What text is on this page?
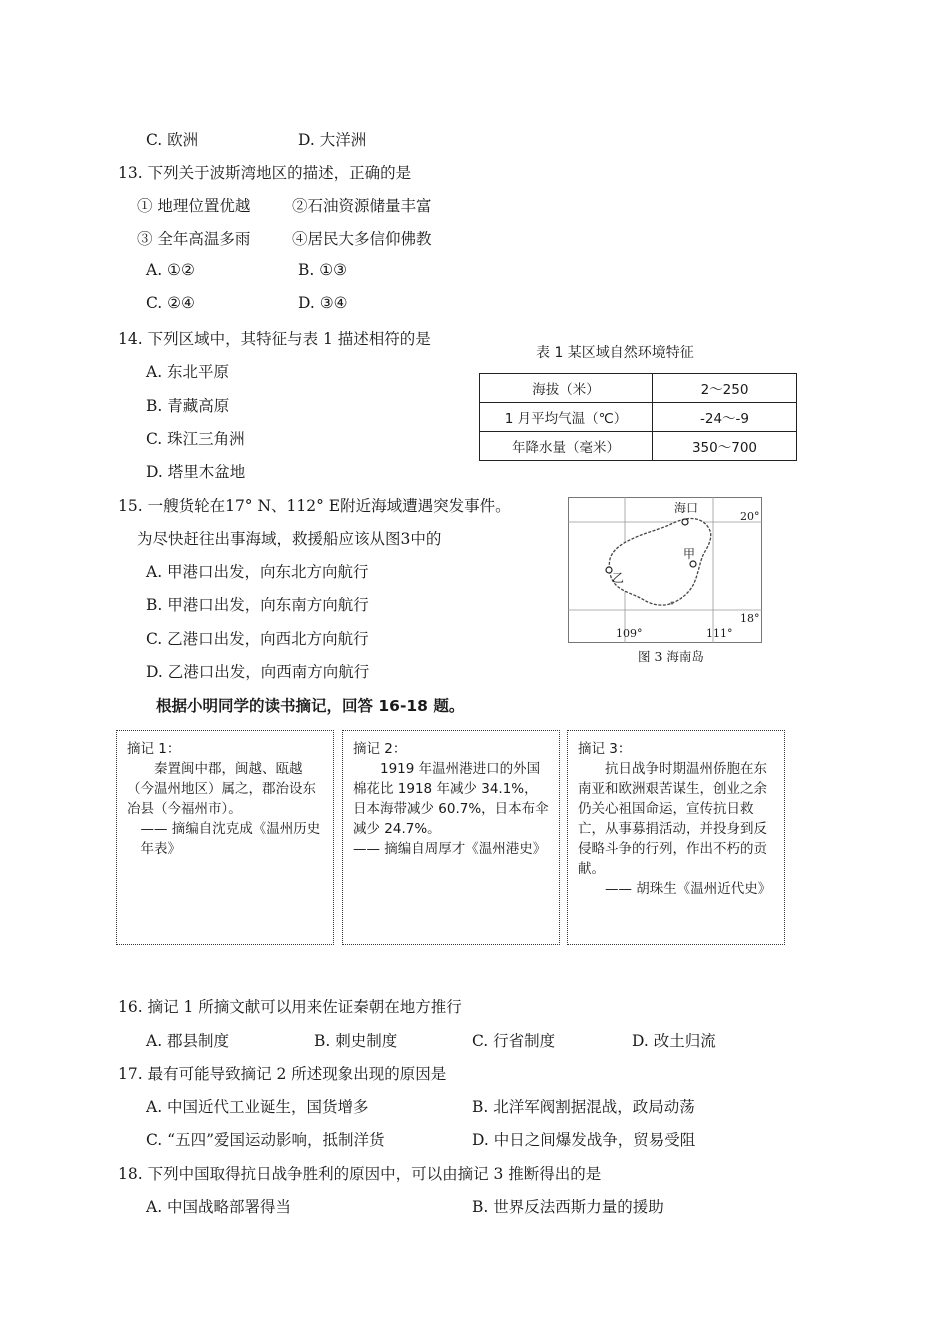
C. 欧洲	D. 大洋洲
13. 下列关于波斯湾地区的描述，正确的是
① 地理位置优越	②石油资源储量丰富
③ 全年高温多雨	④居民大多信仰佛教
A. ①②	B. ①③
C. ②④	D. ③④
14. 下列区域中，其特征与表 1 描述相符的是
A. 东北平原
B. 青藏高原
C. 珠江三角洲
D. 塔里木盆地
表 1 某区域自然环境特征
海拔（米）	2～250
1 月平均气温（℃）	-24～-9
年降水量（毫米）	350～700
15. 一艘货轮在17° N、112° E附近海域遭遇突发事件。
为尽快赶往出事海域，救援船应该从图3中的
A. 甲港口出发，向东北方向航行
B. 甲港口出发，向东南方向航行
C. 乙港口出发，向西北方向航行
D. 乙港口出发，向西南方向航行
海口
甲
乙
20°
18°
109°	111°
图 3 海南岛
根据小明同学的读书摘记，回答 16-18 题。
摘记 1：
秦置闽中郡，闽越、瓯越（今温州地区）属之，郡治设东冶县（今福州市）。
—— 摘编自沈克成《温州历史年表》
摘记 2：
1919 年温州港进口的外国棉花比 1918 年减少 34.1%，日本海带减少 60.7%，日本布伞减少 24.7%。
—— 摘编自周厚才《温州港史》
摘记 3：
抗日战争时期温州侨胞在东南亚和欧洲艰苦谋生，创业之余仍关心祖国命运，宣传抗日救亡，从事募捐活动，并投身到反侵略斗争的行列，作出不朽的贡献。
—— 胡珠生《温州近代史》
16. 摘记 1 所摘文献可以用来佐证秦朝在地方推行
A. 郡县制度	B. 刺史制度	C. 行省制度	D. 改土归流
17. 最有可能导致摘记 2 所述现象出现的原因是
A. 中国近代工业诞生，国货增多	B. 北洋军阀割据混战，政局动荡
C. “五四”爱国运动影响，抵制洋货	D. 中日之间爆发战争，贸易受阻
18. 下列中国取得抗日战争胜利的原因中，可以由摘记 3 推断得出的是
A. 中国战略部署得当	B. 世界反法西斯力量的援助
